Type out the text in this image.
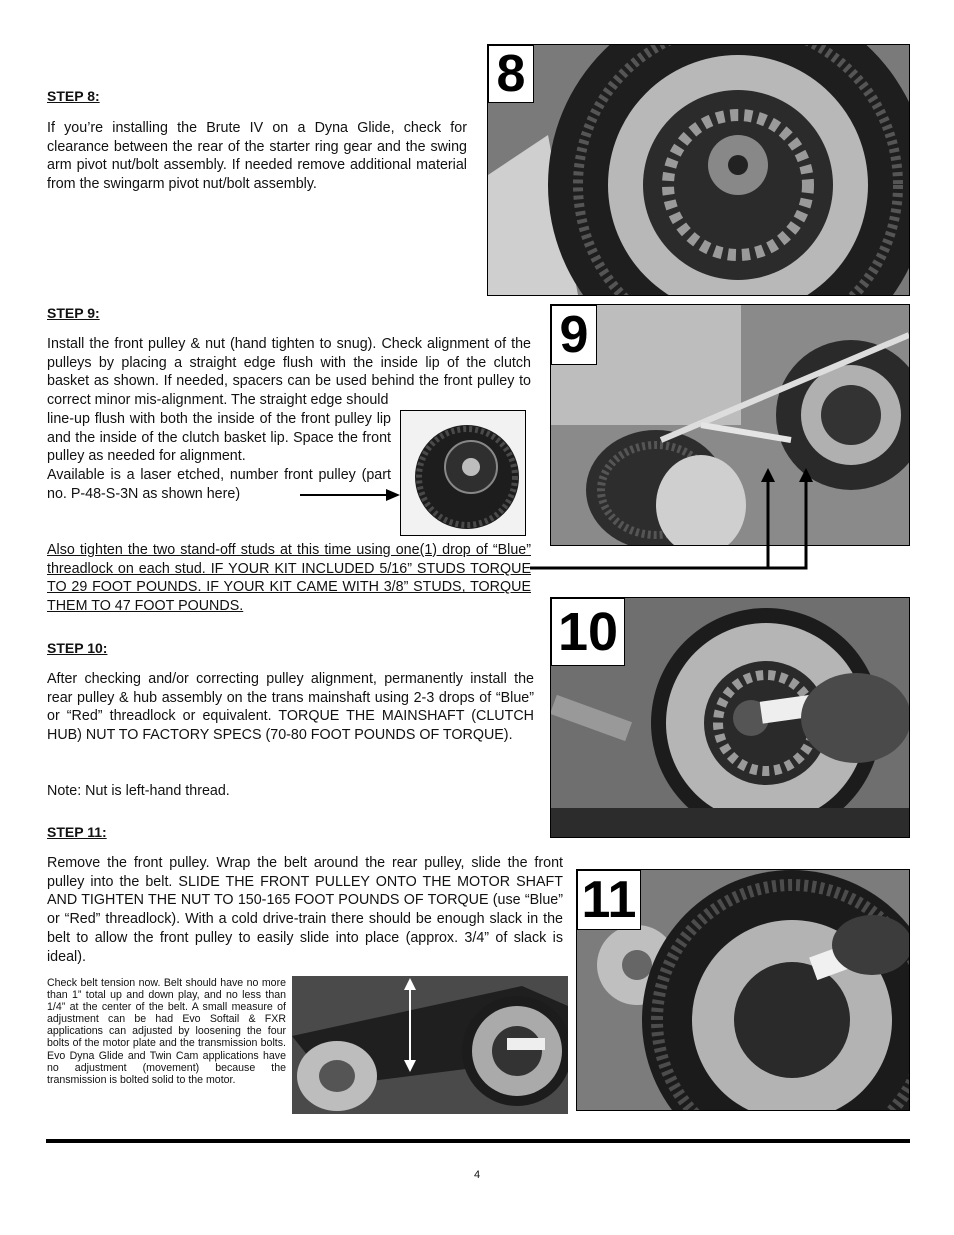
STEP 8:
If you’re installing the Brute IV on a Dyna Glide, check for clearance between the rear of the starter ring gear and the swing arm pivot nut/bolt assembly. If needed remove additional material from the swingarm pivot nut/bolt assembly.
8
STEP 9:
Install the front pulley & nut (hand tighten to snug). Check alignment of the pulleys by placing a straight edge flush with the inside lip of the clutch basket as shown. If needed, spacers can be used behind the front pulley to correct minor mis-alignment. The straight edge should
line-up flush with both the inside of the front pulley lip and the inside of the clutch basket lip. Space the front pulley as needed for alignment.
Available is a laser etched, number front pulley (part no. P-48-S-3N as shown here)
Also tighten the two stand-off studs at this time using one(1) drop of “Blue” threadlock on each stud. IF YOUR KIT INCLUDED 5/16” STUDS TORQUE TO 29 FOOT POUNDS. IF YOUR KIT CAME WITH 3/8” STUDS, TORQUE THEM TO 47 FOOT POUNDS.
9
STEP 10:
After checking and/or correcting pulley alignment, permanently install the rear pulley & hub assembly on the trans mainshaft using 2-3 drops of “Blue” or “Red” threadlock or equivalent. TORQUE THE MAINSHAFT (CLUTCH HUB) NUT TO FACTORY SPECS (70-80 FOOT POUNDS OF TORQUE).
Note: Nut is left-hand thread.
10
STEP 11:
Remove the front pulley. Wrap the belt around the rear pulley, slide the front pulley into the belt. SLIDE THE FRONT PULLEY ONTO THE MOTOR SHAFT AND TIGHTEN THE NUT TO 150-165 FOOT POUNDS OF TORQUE (use “Blue” or “Red” threadlock). With a cold drive-train there should be enough slack in the belt to allow the front pulley to easily slide into place (approx. 3/4” of slack is ideal).
Check belt tension now. Belt should have no more than 1” total up and down play, and no less than 1/4” at the center of the belt. A small measure of adjustment can be had Evo Softail & FXR applications can adjusted by loosening the four bolts of the motor plate and the transmission bolts. Evo Dyna Glide and Twin Cam applications have no adjustment (movement) because the transmission is bolted solid to the motor.
11
4
